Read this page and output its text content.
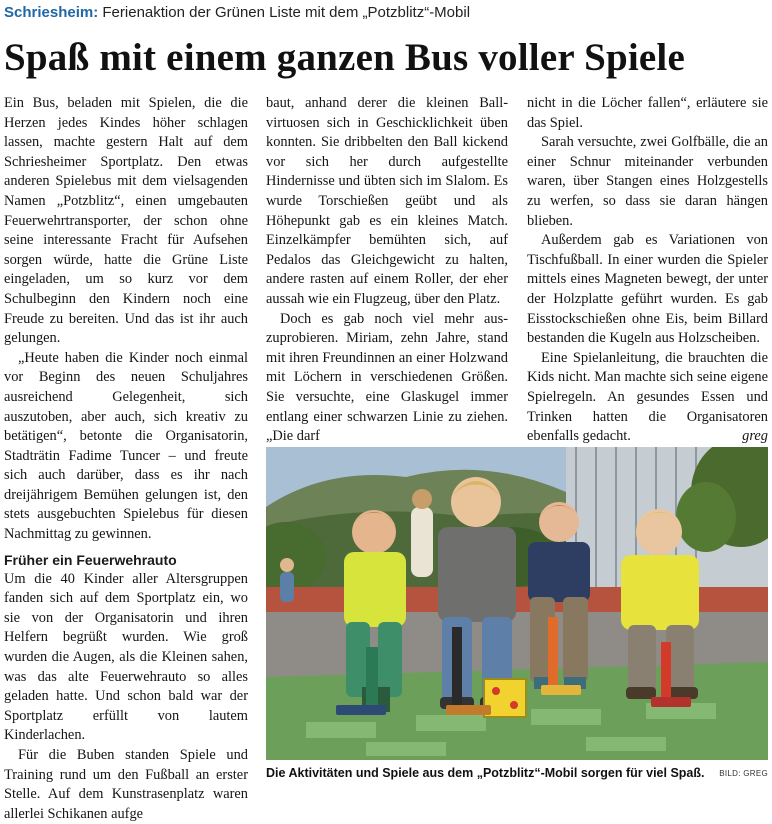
Schriesheim: Ferienaktion der Grünen Liste mit dem „Potzblitz“-Mobil
Spaß mit einem ganzen Bus voller Spiele

Ein Bus, beladen mit Spielen, die die Herzen jedes Kindes höher schlagen lassen, machte gestern Halt auf dem Schriesheimer Sportplatz. Den etwas anderen Spielebus mit dem vielsagenden Namen „Potzblitz“, einen umgebauten Feuerwehrtransporter, der schon ohne seine interessante Fracht für Aufsehen sorgen würde, hatte die Grüne Liste eingeladen, um so kurz vor dem Schulbeginn den Kindern noch eine Freude zu bereiten. Und das ist ihr auch gelungen.

„Heute haben die Kinder noch einmal vor Beginn des neuen Schuljahres ausreichend Gelegenheit, sich auszutoben, aber auch, sich kreativ zu betätigen“, betonte die Organisatorin, Stadträtin Fadime Tuncer – und freute sich auch darüber, dass es ihr nach dreijährigem Bemühen gelungen ist, den stets ausgebuchten Spielebus für diesen Nachmittag zu gewinnen.

Früher ein Feuerwehrauto

Um die 40 Kinder aller Altersgruppen fanden sich auf dem Sportplatz ein, wo sie von der Organisatorin und ihren Helfern begrüßt wurden. Wie groß wurden die Augen, als die Kleinen sahen, was das alte Feuerwehrauto so alles geladen hatte. Und schon bald war der Sportplatz erfüllt von lautem Kinderlachen.

Für die Buben standen Spiele und Training rund um den Fußball an erster Stelle. Auf dem Kunstrasenplatz waren allerlei Schikanen aufge

baut, anhand derer die kleinen Ballvirtuosen sich in Geschicklichkeit üben konnten. Sie dribbelten den Ball kickend vor sich her durch aufgestellte Hindernisse und übten sich im Slalom. Es wurde Torschießen geübt und als Höhepunkt gab es ein kleines Match. Einzelkämpfer bemühten sich, auf Pedalos das Gleichgewicht zu halten, andere rasten auf einem Roller, der eher aussah wie ein Flugzeug, über den Platz.

Doch es gab noch viel mehr auszuprobieren. Miriam, zehn Jahre, stand mit ihren Freundinnen an einer Holzwand mit Löchern in verschiedenen Größen. Sie versuchte, eine Glaskugel immer entlang einer schwarzen Linie zu ziehen. „Die darf

nicht in die Löcher fallen“, erläutere sie das Spiel.

Sarah versuchte, zwei Golfbälle, die an einer Schnur miteinander verbunden waren, über Stangen eines Holzgestells zu werfen, so dass sie daran hängen blieben.

Außerdem gab es Variationen von Tischfußball. In einer wurden die Spieler mittels eines Magneten bewegt, der unter der Holzplatte geführt wurden. Es gab Eisstockschießen ohne Eis, beim Billard bestanden die Kugeln aus Holzscheiben.

Eine Spielanleitung, die brauchten die Kids nicht. Man machte sich seine eigene Spielregeln. An gesundes Essen und Trinken hatten die Organisatoren ebenfalls gedacht.	greg

Die Aktivitäten und Spiele aus dem „Potzblitz“-Mobil sorgen für viel Spaß. BILD: GREG
